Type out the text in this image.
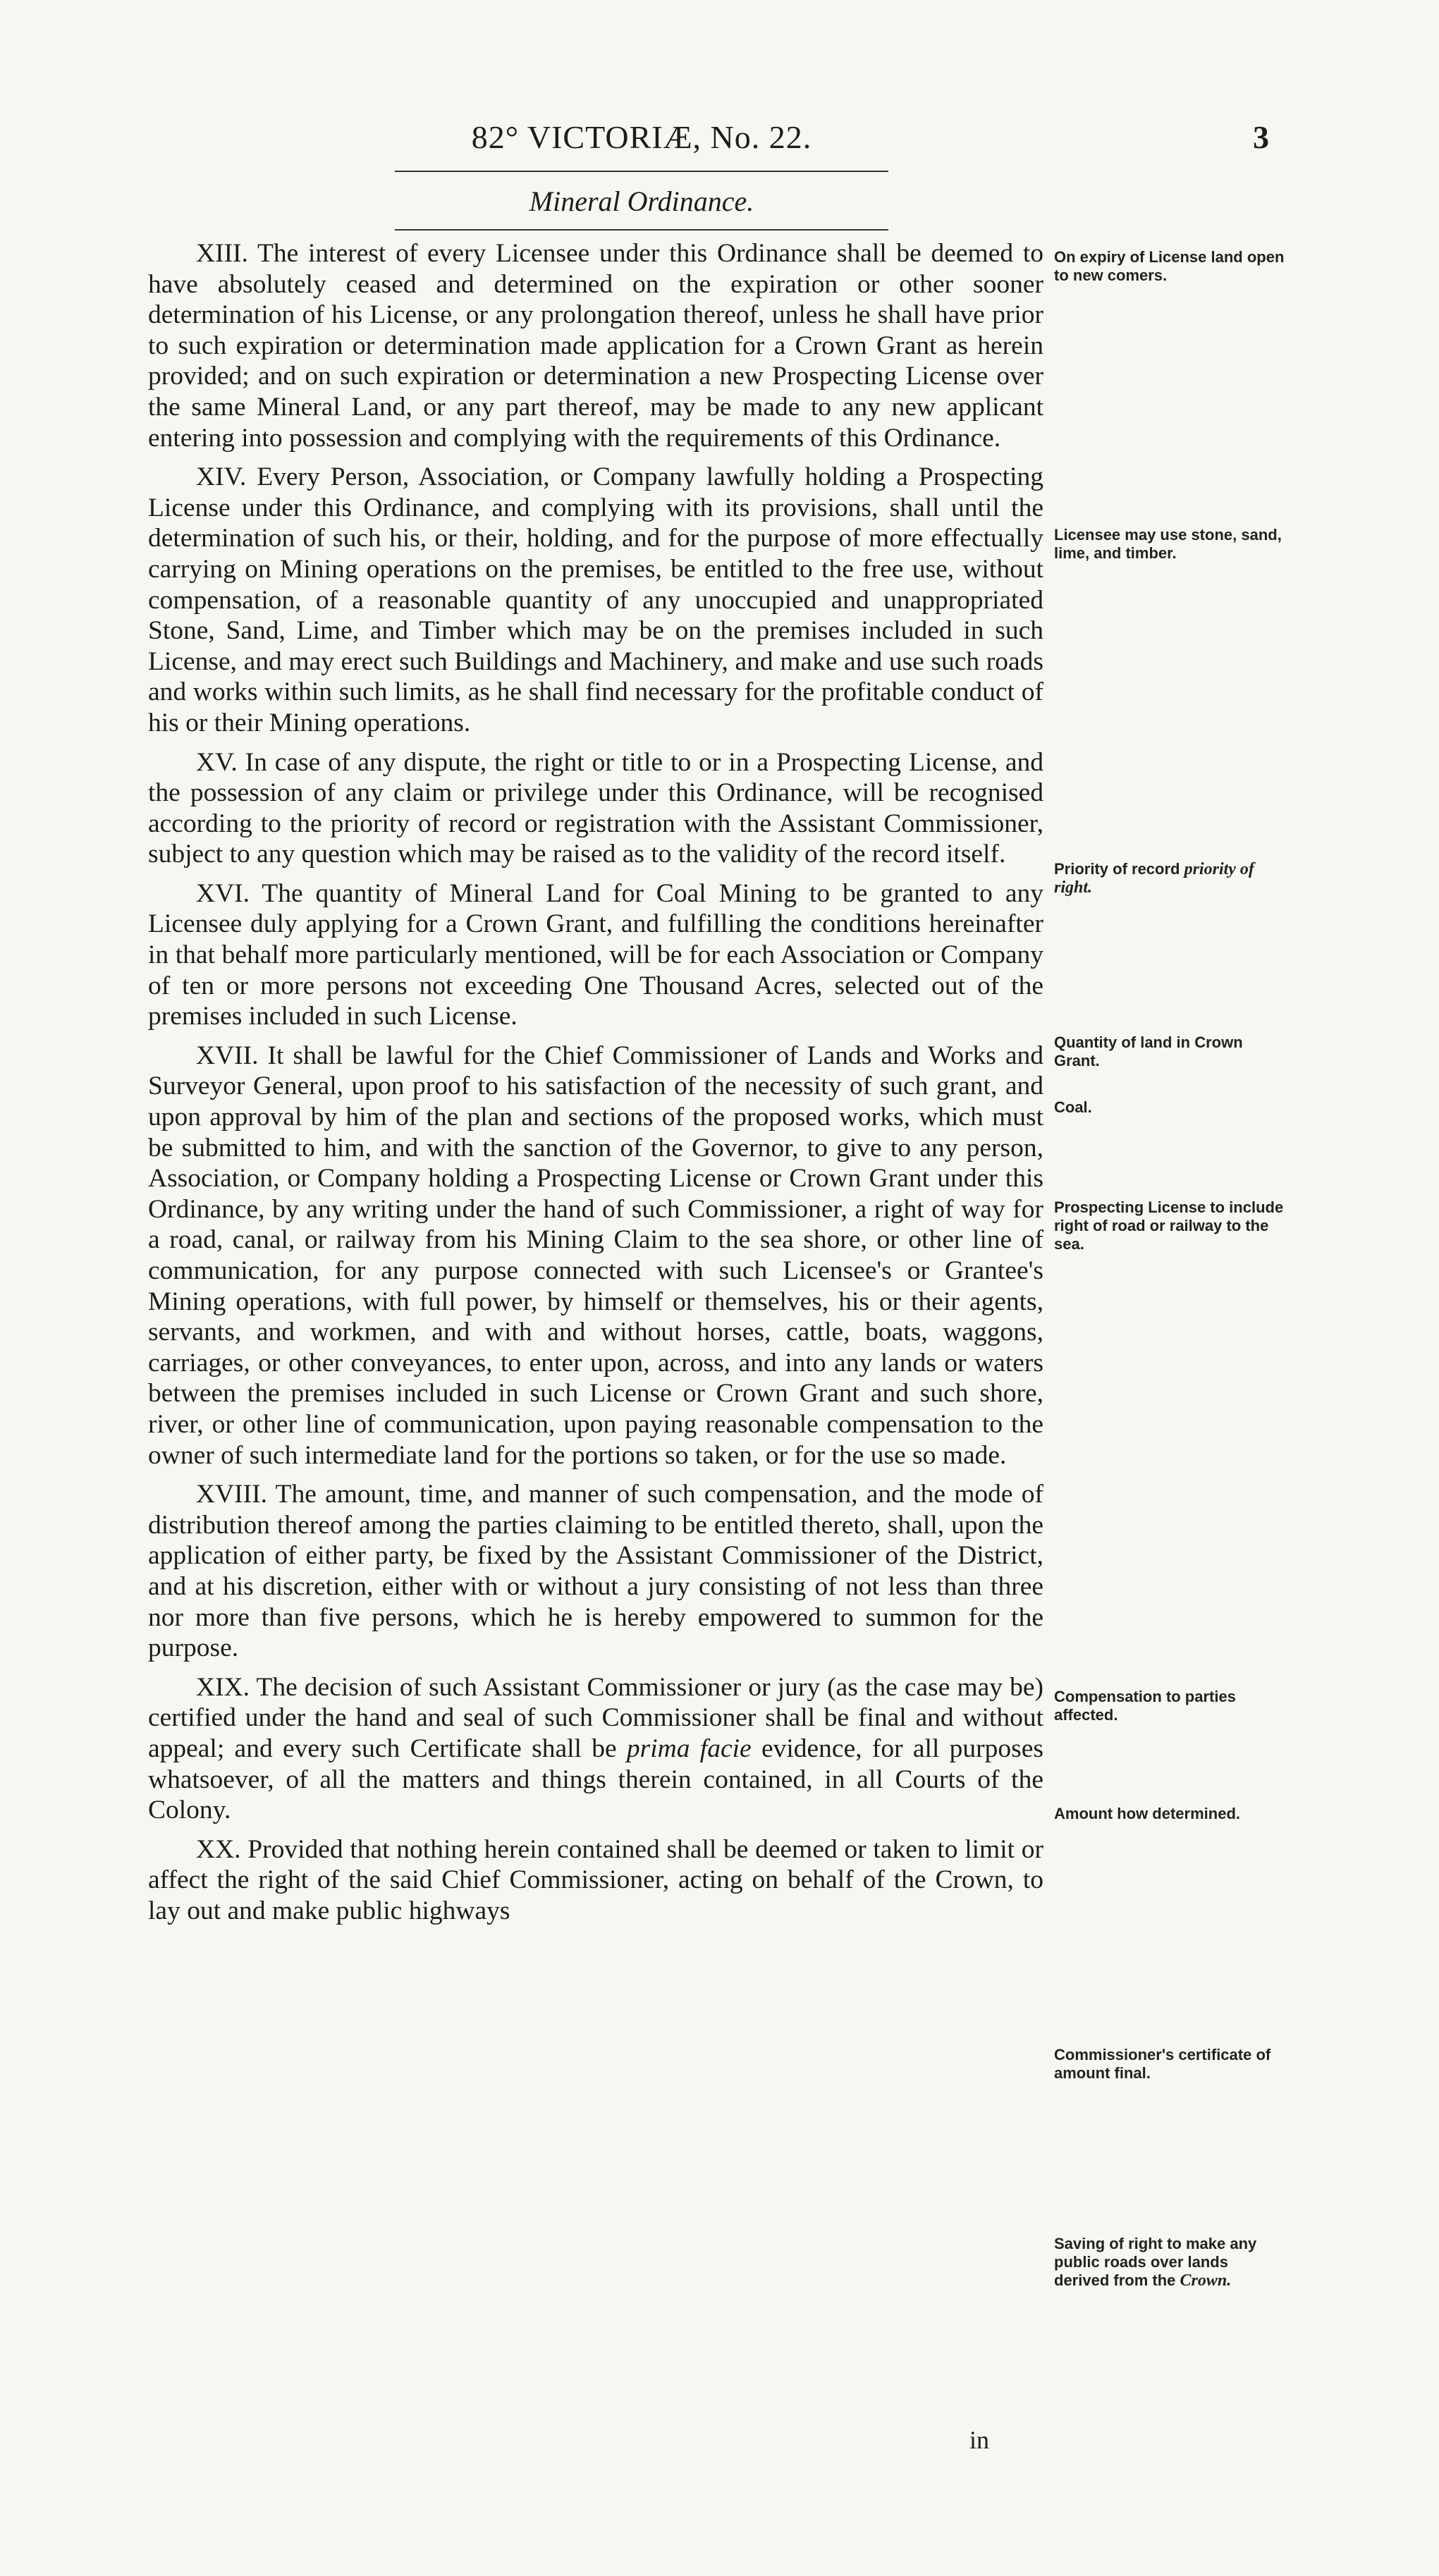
82° VICTORIÆ, No. 22.	3
Mineral Ordinance.

XIII. The interest of every Licensee under this Ordinance shall be deemed to have absolutely ceased and determined on the expiration or other sooner determination of his License, or any prolongation thereof, unless he shall have prior to such expiration or determination made application for a Crown Grant as herein provided; and on such expiration or determination a new Prospecting License over the same Mineral Land, or any part thereof, may be made to any new applicant entering into possession and complying with the requirements of this Ordinance.

XIV. Every Person, Association, or Company lawfully holding a Prospecting License under this Ordinance, and complying with its provisions, shall until the determination of such his, or their, holding, and for the purpose of more effectually carrying on Mining operations on the premises, be entitled to the free use, without compensation, of a reasonable quantity of any unoccupied and unappropriated Stone, Sand, Lime, and Timber which may be on the premises included in such License, and may erect such Buildings and Machinery, and make and use such roads and works within such limits, as he shall find necessary for the profitable conduct of his or their Mining operations.

XV. In case of any dispute, the right or title to or in a Prospecting License, and the possession of any claim or privilege under this Ordinance, will be recognised according to the priority of record or registration with the Assistant Commissioner, subject to any question which may be raised as to the validity of the record itself.

XVI. The quantity of Mineral Land for Coal Mining to be granted to any Licensee duly applying for a Crown Grant, and fulfilling the conditions hereinafter in that behalf more particularly mentioned, will be for each Association or Company of ten or more persons not exceeding One Thousand Acres, selected out of the premises included in such License.

XVII. It shall be lawful for the Chief Commissioner of Lands and Works and Surveyor General, upon proof to his satisfaction of the necessity of such grant, and upon approval by him of the plan and sections of the proposed works, which must be submitted to him, and with the sanction of the Governor, to give to any person, Association, or Company holding a Prospecting License or Crown Grant under this Ordinance, by any writing under the hand of such Commissioner, a right of way for a road, canal, or railway from his Mining Claim to the sea shore, or other line of communication, for any purpose connected with such Licensee's or Grantee's Mining operations, with full power, by himself or themselves, his or their agents, servants, and workmen, and with and without horses, cattle, boats, waggons, carriages, or other conveyances, to enter upon, across, and into any lands or waters between the premises included in such License or Crown Grant and such shore, river, or other line of communication, upon paying reasonable compensation to the owner of such intermediate land for the portions so taken, or for the use so made.

XVIII. The amount, time, and manner of such compensation, and the mode of distribution thereof among the parties claiming to be entitled thereto, shall, upon the application of either party, be fixed by the Assistant Commissioner of the District, and at his discretion, either with or without a jury consisting of not less than three nor more than five persons, which he is hereby empowered to summon for the purpose.

XIX. The decision of such Assistant Commissioner or jury (as the case may be) certified under the hand and seal of such Commissioner shall be final and without appeal; and every such Certificate shall be prima facie evidence, for all purposes whatsoever, of all the matters and things therein contained, in all Courts of the Colony.

XX. Provided that nothing herein contained shall be deemed or taken to limit or affect the right of the said Chief Commissioner, acting on behalf of the Crown, to lay out and make public highways

in
On expiry of License land open to new comers.
Licensee may use stone, sand, lime, and timber.
Priority of record priority of right.
Quantity of land in Crown Grant.
Coal.
Prospecting License to include right of road or railway to the sea.
Compensation to parties affected.
Amount how determined.
Commissioner's certificate of amount final.
Saving of right to make any public roads over lands derived from the Crown.
